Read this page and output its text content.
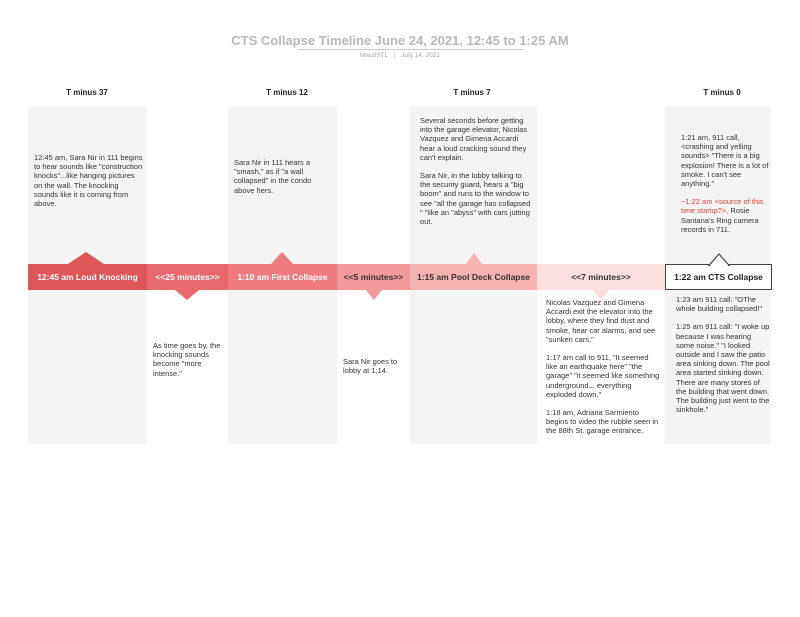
CTS Collapse Timeline June 24, 2021, 12:45 to 1:25 AM
MaudSTL | July 14, 2021
T minus 37	T minus 12	T minus 7	T minus 0
12:45 am, Sara Nir in 111 begins to hear sounds like "construction knocks"...like hanging pictures on the wall. The knocking sounds like it is coming from above.
Sara Nir in 111 hears a "smash," as if "a wall collapsed" in the condo above hers.

Several seconds before getting into the garage elevator, Nicolas Vazquez and Gimena Accardi hear a loud cracking sound they can't explain.

Sara Nir, in the lobby talking to the security guard, hears a "big boom" and runs to the window to see "all the garage has collapsed " "like an "abyss" with cars jutting out.

1:21 am, 911 call, <crashing and yelling sounds> "There is a big explosion! There is a lot of smoke. I can't see anything."

~1:22 am <source of this time stamp?>, Rosie Santana's Ring camera records in 711.

12:45 am Loud Knocking	<<25 minutes>>	1:10 am First Collapse	<<5 minutes>>	1:15 am Pool Deck Collapse	<<7 minutes>>	1:22 am CTS Collapse
As time goes by, the knocking sounds become "more intense."
Sara Nir goes to lobby at 1:14.

Nicolas Vazquez and Gimena Accardi exit the elevator into the lobby, where they find dust and smoke, hear car alarms, and see "sunken cars."

1:17 am call to 911, "It seemed like an earthquake here" "the garage" "it seemed like something underground... everything exploded down."

1:18 am, Adriana Sarmiento begins to video the rubble seen in the 88th St. garage entrance.

1:23 am 911 call: "OThe whole building collapsed!"

1:25 am 911 call: "I woke up because I was hearing some noise." "I looked outside and I saw the patio area sinking down. The pool area started sinking down. There are many stores of the building that went down. The building just went to the sinkhole."
